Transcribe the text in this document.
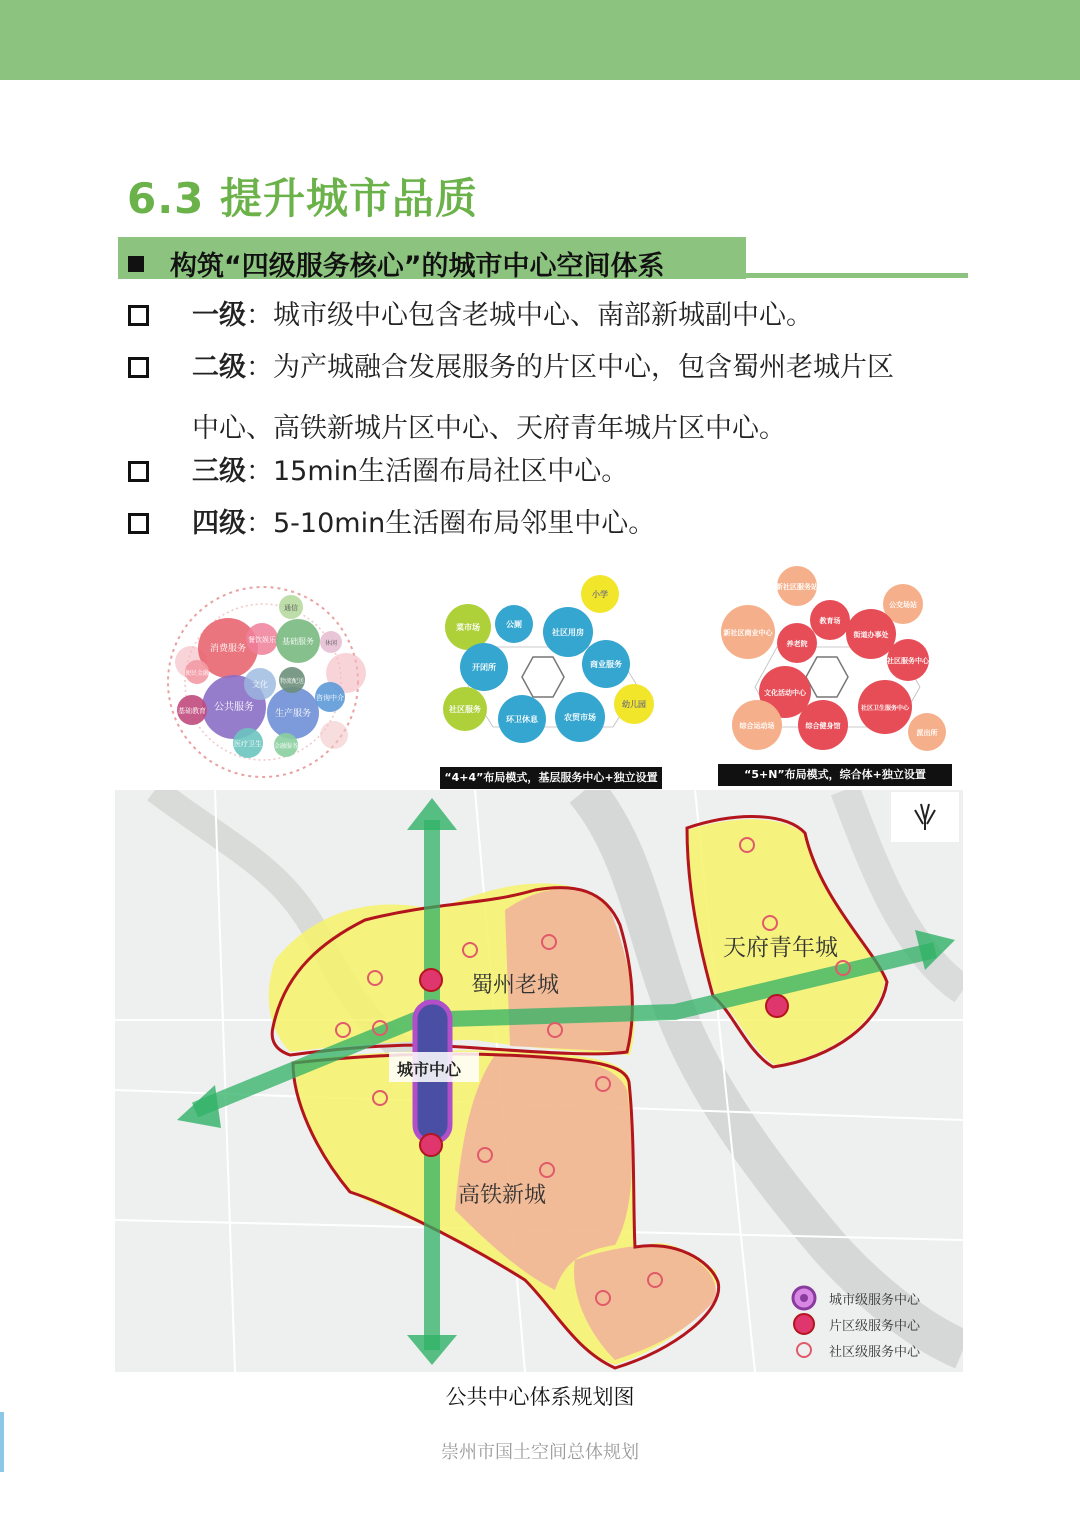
6.3 提升城市品质
构筑“四级服务核心”的城市中心空间体系
一级：城市级中心包含老城中心、南部新城副中心。
二级：为产城融合发展服务的片区中心，包含蜀州老城片区
中心、高铁新城片区中心、天府青年城片区中心。
三级：15min生活圈布局社区中心。
四级：5-10min生活圈布局邻里中心。
消费服务
餐饮娱乐 基础服务
通信
休闲
便民金融
公共服务
文化
基础教育
医疗卫生
生产服务
物流配送
咨询中介
金融服务
菜市场	公厕
社区用房
小学
商业服务
开闭所
幼儿园
社区服务
环卫休息	农贸市场
“4+4”布局模式，基层服务中心+独立设置
新社区服务站
公交场站
新社区商业中心
教育场
街道办事处
养老院
社区服务中心
文化活动中心
社区卫生服务中心
综合运动场	综合健身馆
派出所
“5+N”布局模式，综合体+独立设置
蜀州老城
天府青年城
城市中心
高铁新城
城市级服务中心
片区级服务中心
社区级服务中心
公共中心体系规划图
崇州市国土空间总体规划
